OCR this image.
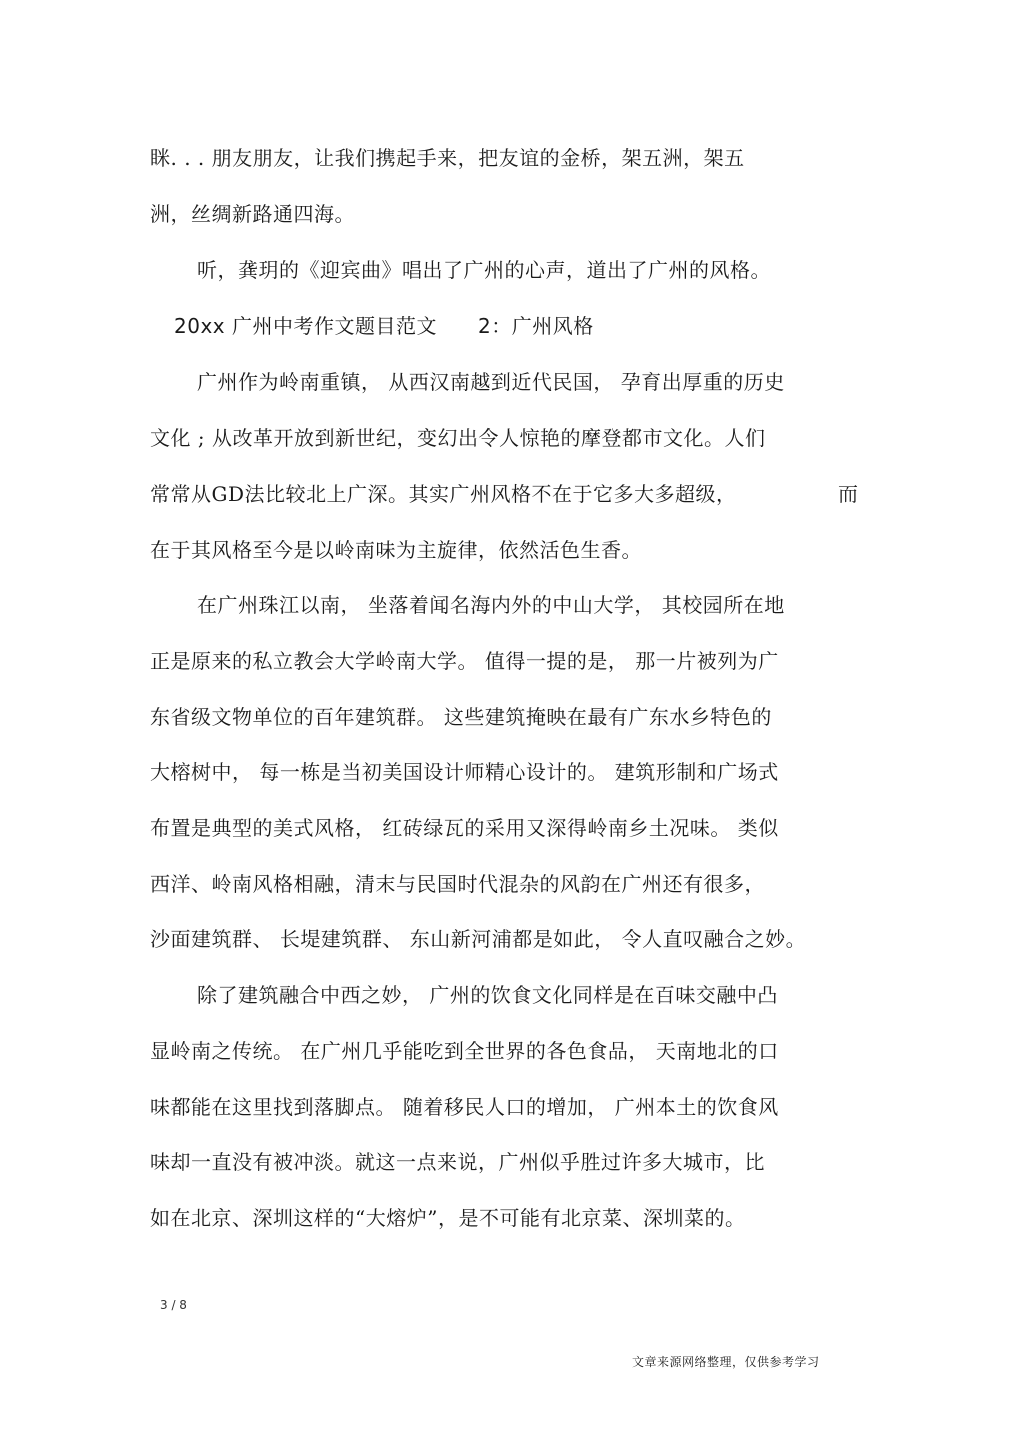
眯. . . 朋友朋友，让我们携起手来，把友谊的金桥，架五洲，架五
洲，丝绸新路通四海。
听，龚玥的《迎宾曲》唱出了广州的心声，道出了广州的风格。
20xx 广州中考作文题目范文　　2：广州风格
广州作为岭南重镇， 从西汉南越到近代民国， 孕育出厚重的历史
文化 ; 从改革开放到新世纪，变幻出令人惊艳的摩登都市文化。人们
常常从GD法比较北上广深。其实广州风格不在于它多大多超级，	而
在于其风格至今是以岭南味为主旋律，依然活色生香。
在广州珠江以南， 坐落着闻名海内外的中山大学， 其校园所在地
正是原来的私立教会大学岭南大学。 值得一提的是， 那一片被列为广
东省级文物单位的百年建筑群。 这些建筑掩映在最有广东水乡特色的
大榕树中， 每一栋是当初美国设计师精心设计的。 建筑形制和广场式
布置是典型的美式风格， 红砖绿瓦的采用又深得岭南乡土况味。 类似
西洋、岭南风格相融，清末与民国时代混杂的风韵在广州还有很多，
沙面建筑群、 长堤建筑群、 东山新河浦都是如此， 令人直叹融合之妙。
除了建筑融合中西之妙， 广州的饮食文化同样是在百味交融中凸
显岭南之传统。 在广州几乎能吃到全世界的各色食品， 天南地北的口
味都能在这里找到落脚点。 随着移民人口的增加， 广州本土的饮食风
味却一直没有被冲淡。就这一点来说，广州似乎胜过许多大城市，比
如在北京、深圳这样的“大熔炉”，是不可能有北京菜、深圳菜的。
3 / 8
文章来源网络整理，仅供参考学习
